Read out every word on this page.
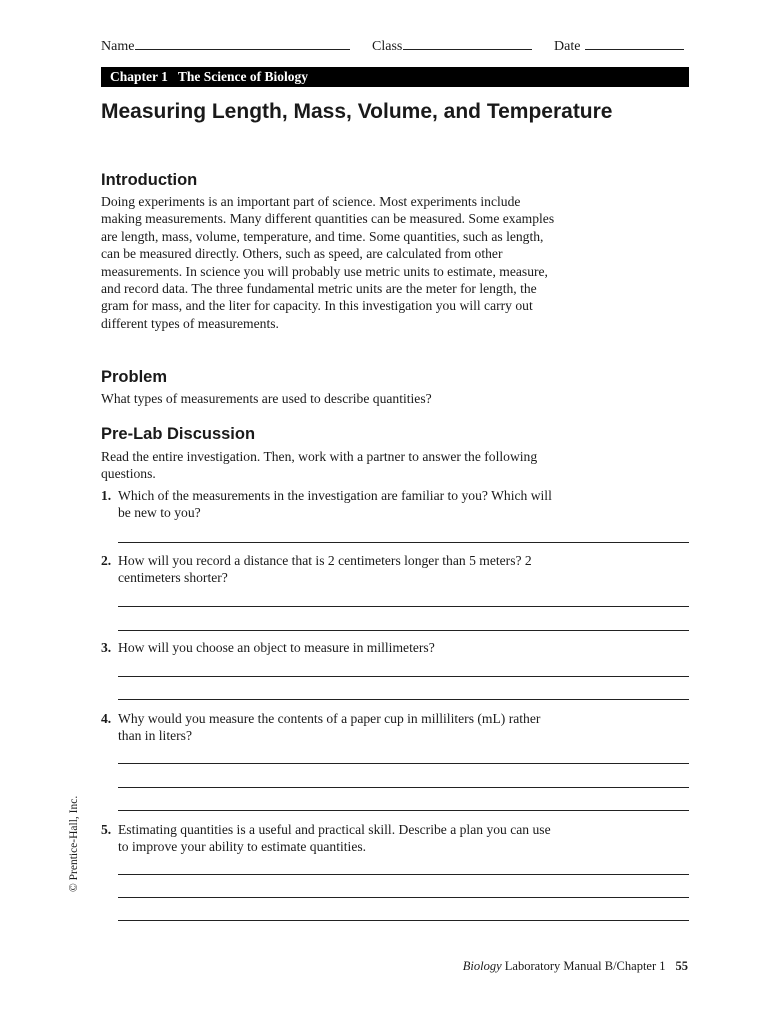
Name	Class	Date
Chapter 1 The Science of Biology
Measuring Length, Mass, Volume, and Temperature
Introduction
Doing experiments is an important part of science. Most experiments include making measurements. Many different quantities can be measured. Some examples are length, mass, volume, temperature, and time. Some quantities, such as length, can be measured directly. Others, such as speed, are calculated from other measurements. In science you will probably use metric units to estimate, measure, and record data. The three fundamental metric units are the meter for length, the gram for mass, and the liter for capacity. In this investigation you will carry out different types of measurements.
Problem
What types of measurements are used to describe quantities?
Pre-Lab Discussion
Read the entire investigation. Then, work with a partner to answer the following questions.
1. Which of the measurements in the investigation are familiar to you? Which will be new to you?
2. How will you record a distance that is 2 centimeters longer than 5 meters? 2 centimeters shorter?
3. How will you choose an object to measure in millimeters?
4. Why would you measure the contents of a paper cup in milliliters (mL) rather than in liters?
5. Estimating quantities is a useful and practical skill. Describe a plan you can use to improve your ability to estimate quantities.
© Prentice-Hall, Inc.
Biology Laboratory Manual B/Chapter 1 55
